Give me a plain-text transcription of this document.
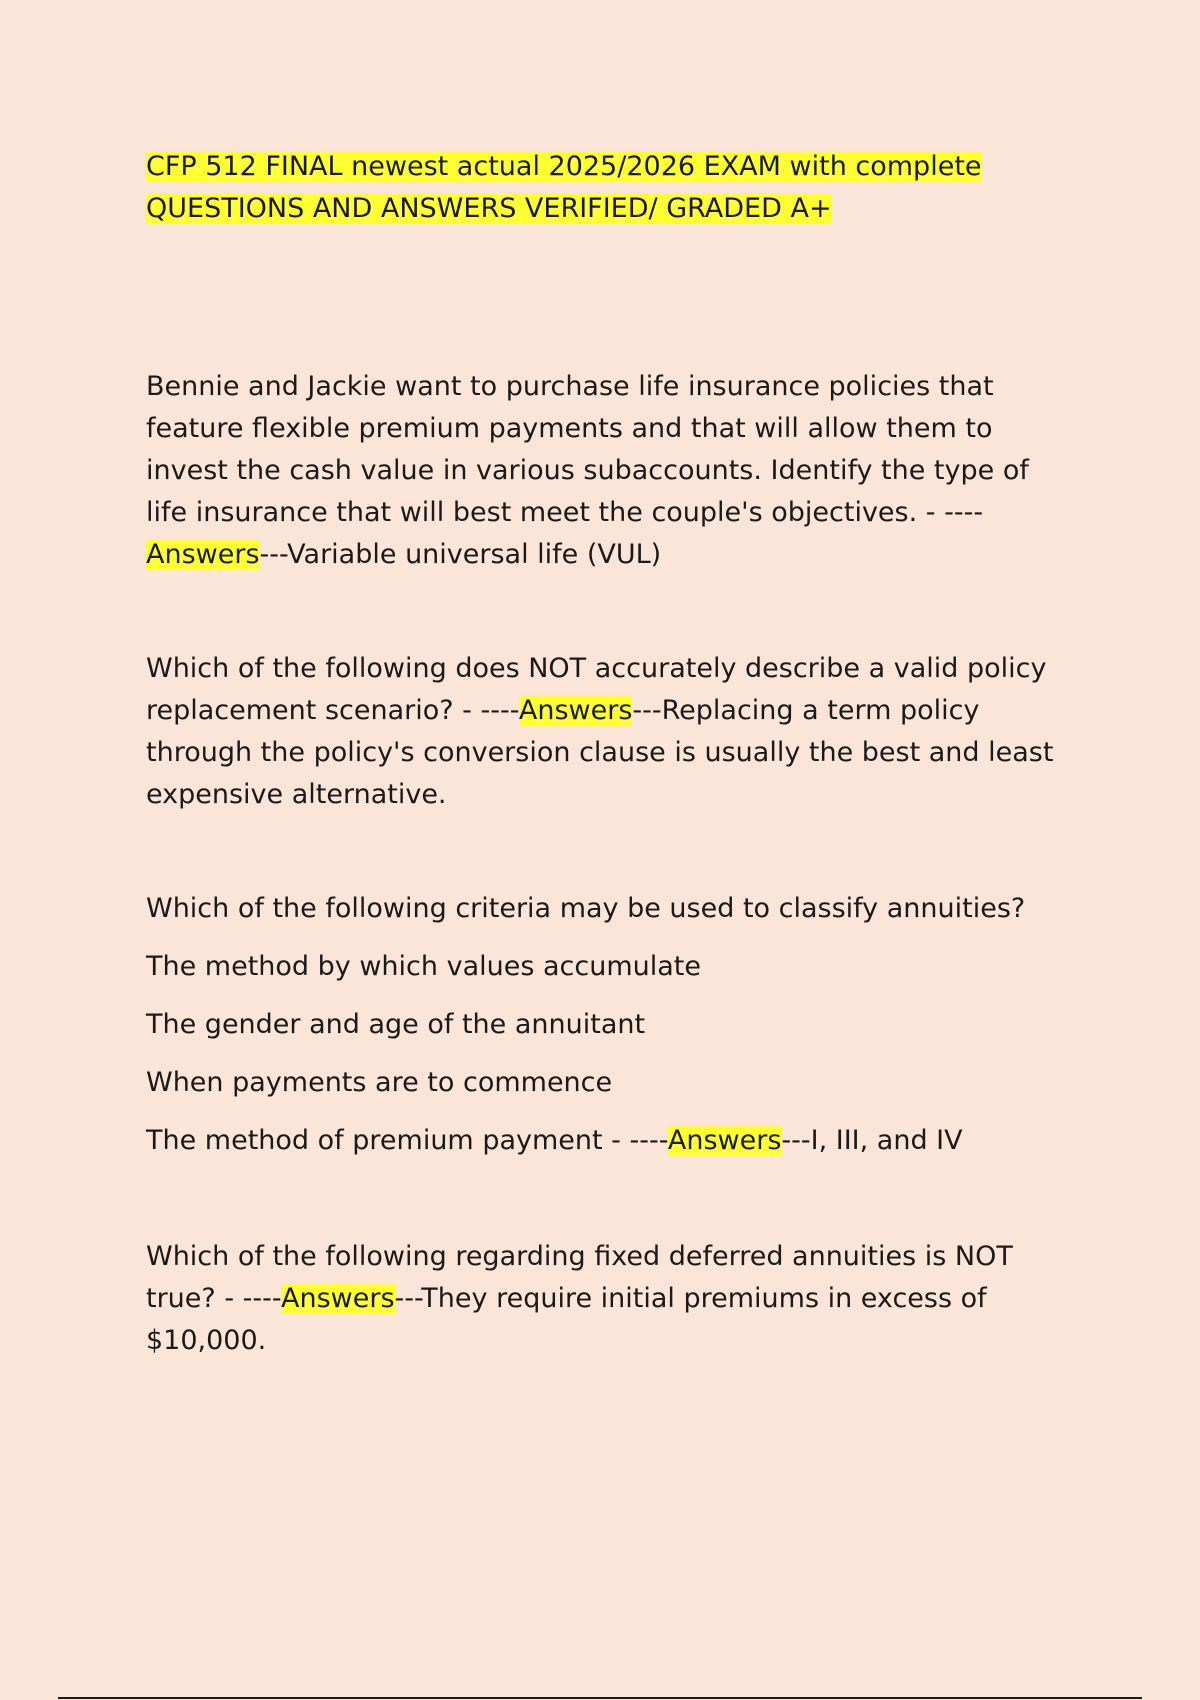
CFP 512 FINAL newest actual 2025/2026 EXAM with complete
QUESTIONS AND ANSWERS VERIFIED/ GRADED A+

Bennie and Jackie want to purchase life insurance policies that feature flexible premium payments and that will allow them to invest the cash value in various subaccounts. Identify the type of life insurance that will best meet the couple's objectives. - ----Answers---Variable universal life (VUL)

Which of the following does NOT accurately describe a valid policy replacement scenario? - ----Answers---Replacing a term policy through the policy's conversion clause is usually the best and least expensive alternative.

Which of the following criteria may be used to classify annuities?

The method by which values accumulate

The gender and age of the annuitant

When payments are to commence

The method of premium payment - ----Answers---I, III, and IV

Which of the following regarding fixed deferred annuities is NOT true? - ----Answers---They require initial premiums in excess of $10,000.
